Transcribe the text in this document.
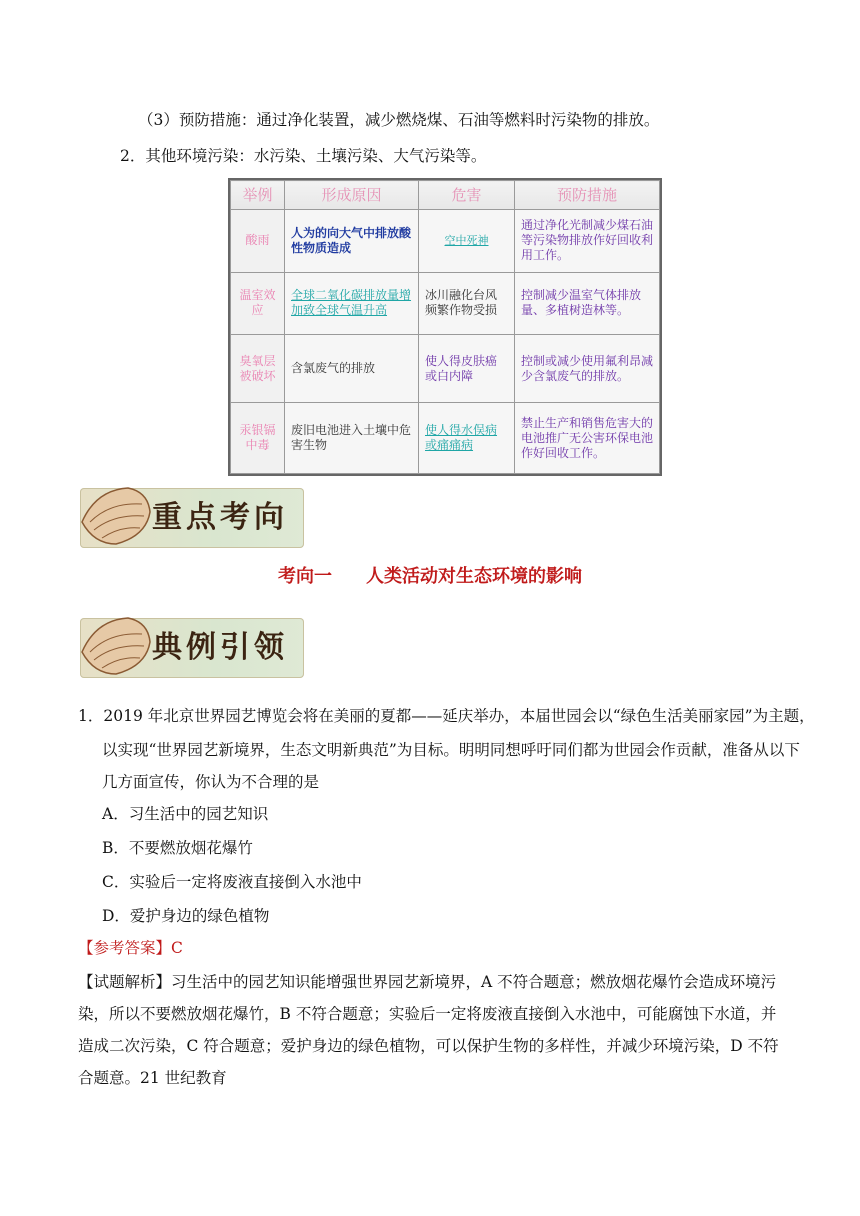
（3）预防措施：通过净化装置，减少燃烧煤、石油等燃料时污染物的排放。
2．其他环境污染：水污染、土壤污染、大气污染等。
举例	形成原因	危害	预防措施
酸雨	人为的向大气中排放酸性物质造成	空中死神	通过净化光制减少煤石油等污染物排放作好回收利用工作。
温室效应	全球二氧化碳排放量增加致全球气温升高	冰川融化台风频繁作物受损	控制减少温室气体排放量、多植树造林等。
臭氧层被破坏	含氯废气的排放	使人得皮肤癌或白内障	控制或减少使用氟利昂减少含氯废气的排放。
汞银镉中毒	废旧电池进入土壤中危害生物	使人得水俣病或痛痛病	禁止生产和销售危害大的电池推广无公害环保电池作好回收工作。
重点考向
考向一 人类活动对生态环境的影响
典例引领
1．2019 年北京世界园艺博览会将在美丽的夏都——延庆举办，本届世园会以“绿色生活美丽家园”为主题，
以实现“世界园艺新境界，生态文明新典范”为目标。明明同想呼吁同们都为世园会作贡献，准备从以下
几方面宣传，你认为不合理的是
A．习生活中的园艺知识
B．不要燃放烟花爆竹
C．实验后一定将废液直接倒入水池中
D．爱护身边的绿色植物
【参考答案】C
【试题解析】习生活中的园艺知识能增强世界园艺新境界，A 不符合题意；燃放烟花爆竹会造成环境污
染，所以不要燃放烟花爆竹，B 不符合题意；实验后一定将废液直接倒入水池中，可能腐蚀下水道，并
造成二次污染，C 符合题意；爱护身边的绿色植物，可以保护生物的多样性，并减少环境污染，D 不符
合题意。21 世纪教育
